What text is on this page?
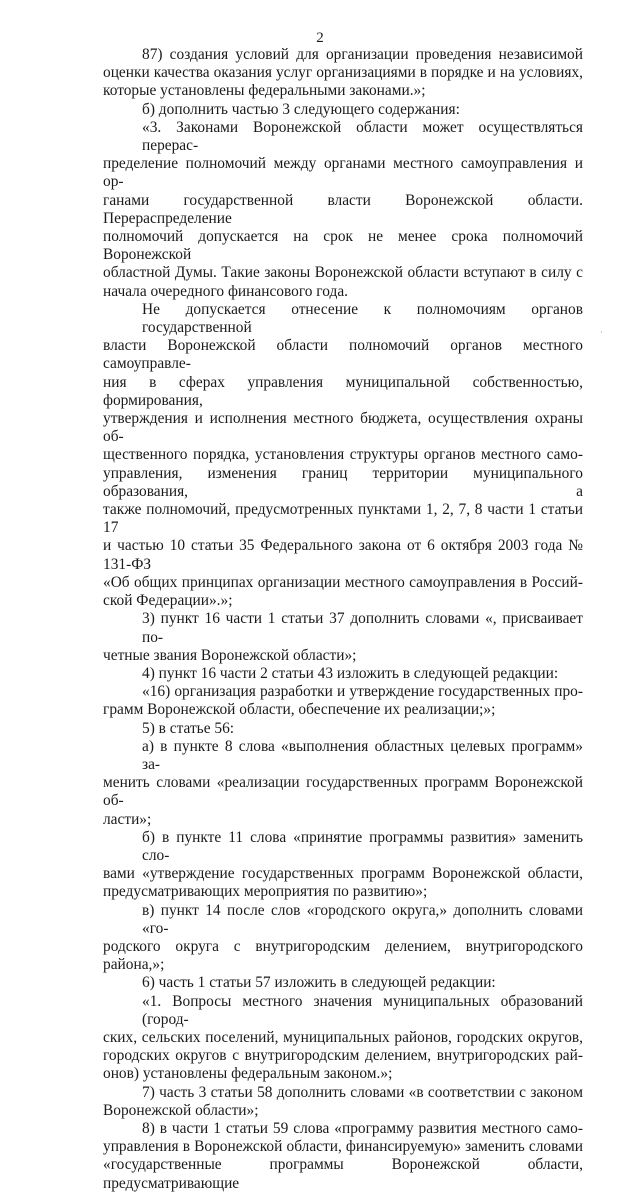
2
87) создания условий для организации проведения независимой
оценки качества оказания услуг организациями в порядке и на условиях,
которые установлены федеральными законами.»;
б) дополнить частью 3 следующего содержания:
«3. Законами Воронежской области может осуществляться перерас-
пределение полномочий между органами местного самоуправления и ор-
ганами государственной власти Воронежской области. Перераспределение
полномочий допускается на срок не менее срока полномочий Воронежской
областной Думы. Такие законы Воронежской области вступают в силу с
начала очередного финансового года.
Не допускается отнесение к полномочиям органов государственной
власти Воронежской области полномочий органов местного самоуправле-
ния в сферах управления муниципальной собственностью, формирования,
утверждения и исполнения местного бюджета, осуществления охраны об-
щественного порядка, установления структуры органов местного само-
управления, изменения границ территории муниципального образования, а
также полномочий, предусмотренных пунктами 1, 2, 7, 8 части 1 статьи 17
и частью 10 статьи 35 Федерального закона от 6 октября 2003 года № 131-ФЗ
«Об общих принципах организации местного самоуправления в Россий-
ской Федерации».»;
3) пункт 16 части 1 статьи 37 дополнить словами «, присваивает по-
четные звания Воронежской области»;
4) пункт 16 части 2 статьи 43 изложить в следующей редакции:
«16) организация разработки и утверждение государственных про-
грамм Воронежской области, обеспечение их реализации;»;
5) в статье 56:
а) в пункте 8 слова «выполнения областных целевых программ» за-
менить словами «реализации государственных программ Воронежской об-
ласти»;
б) в пункте 11 слова «принятие программы развития» заменить сло-
вами «утверждение государственных программ Воронежской области,
предусматривающих мероприятия по развитию»;
в) пункт 14 после слов «городского округа,» дополнить словами «го-
родского округа с внутригородским делением, внутригородского района,»;
6) часть 1 статьи 57 изложить в следующей редакции:
«1. Вопросы местного значения муниципальных образований (город-
ских, сельских поселений, муниципальных районов, городских округов,
городских округов с внутригородским делением, внутригородских рай-
онов) установлены федеральным законом.»;
7) часть 3 статьи 58 дополнить словами «в соответствии с законом
Воронежской области»;
8) в части 1 статьи 59 слова «программу развития местного само-
управления в Воронежской области, финансируемую» заменить словами
«государственные программы Воронежской области, предусматривающие
·
